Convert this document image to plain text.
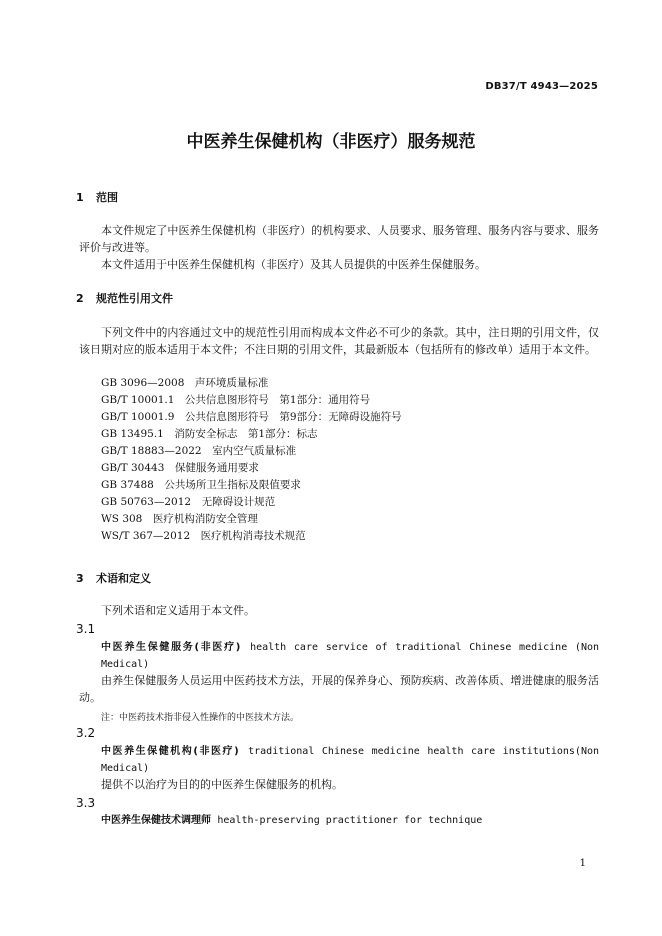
DB37/T 4943—2025
中医养生保健机构（非医疗）服务规范
1 范围
本文件规定了中医养生保健机构（非医疗）的机构要求、人员要求、服务管理、服务内容与要求、服务评价与改进等。
本文件适用于中医养生保健机构（非医疗）及其人员提供的中医养生保健服务。
2 规范性引用文件
下列文件中的内容通过文中的规范性引用而构成本文件必不可少的条款。其中，注日期的引用文件，仅该日期对应的版本适用于本文件；不注日期的引用文件，其最新版本（包括所有的修改单）适用于本文件。
GB 3096—2008　声环境质量标准
GB/T 10001.1　公共信息图形符号　第1部分：通用符号
GB/T 10001.9　公共信息图形符号　第9部分：无障碍设施符号
GB 13495.1　消防安全标志　第1部分：标志
GB/T 18883—2022　室内空气质量标准
GB/T 30443　保健服务通用要求
GB 37488　公共场所卫生指标及限值要求
GB 50763—2012　无障碍设计规范
WS 308　医疗机构消防安全管理
WS/T 367—2012　医疗机构消毒技术规范
3 术语和定义
下列术语和定义适用于本文件。
3.1
中医养生保健服务(非医疗) health care service of traditional Chinese medicine (Non Medical)
由养生保健服务人员运用中医药技术方法，开展的保养身心、预防疾病、改善体质、增进健康的服务活动。
注：中医药技术指非侵入性操作的中医技术方法。
3.2
中医养生保健机构(非医疗) traditional Chinese medicine health care institutions(Non Medical)
提供不以治疗为目的的中医养生保健服务的机构。
3.3
中医养生保健技术调理师 health-preserving practitioner for technique
1
